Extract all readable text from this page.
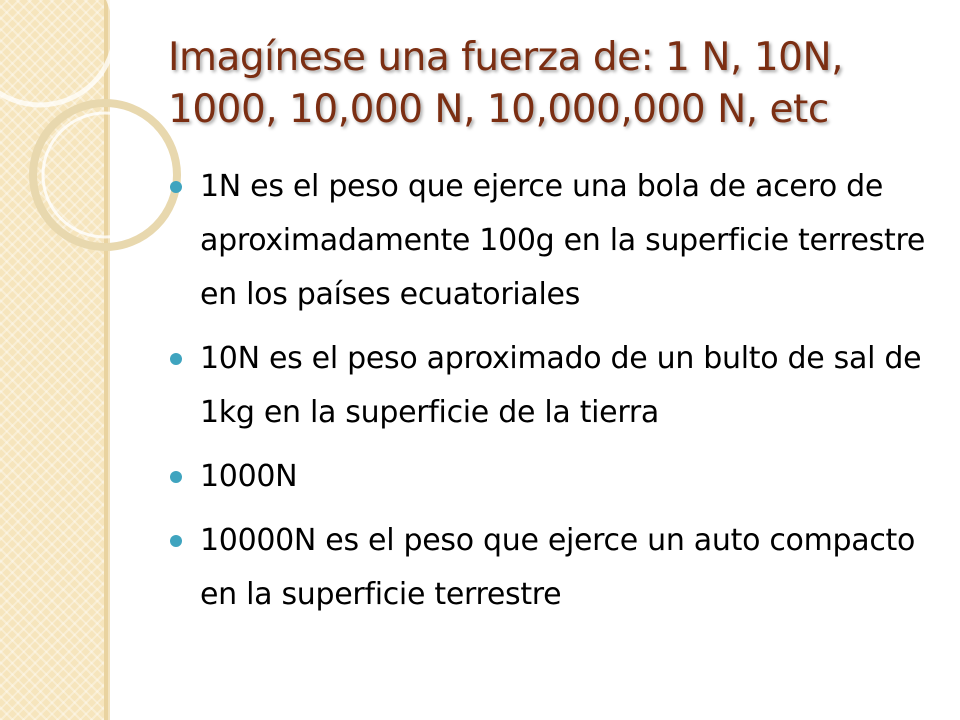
Imagínese una fuerza de: 1 N, 10N, 1000, 10,000 N, 10,000,000 N, etc
1N es el peso que ejerce una bola de acero de aproximadamente 100g en la superficie terrestre en los países ecuatoriales
10N es el peso aproximado de un bulto de sal de 1kg en la superficie de la tierra
1000N
10000N es el peso que ejerce un auto compacto en la superficie terrestre
